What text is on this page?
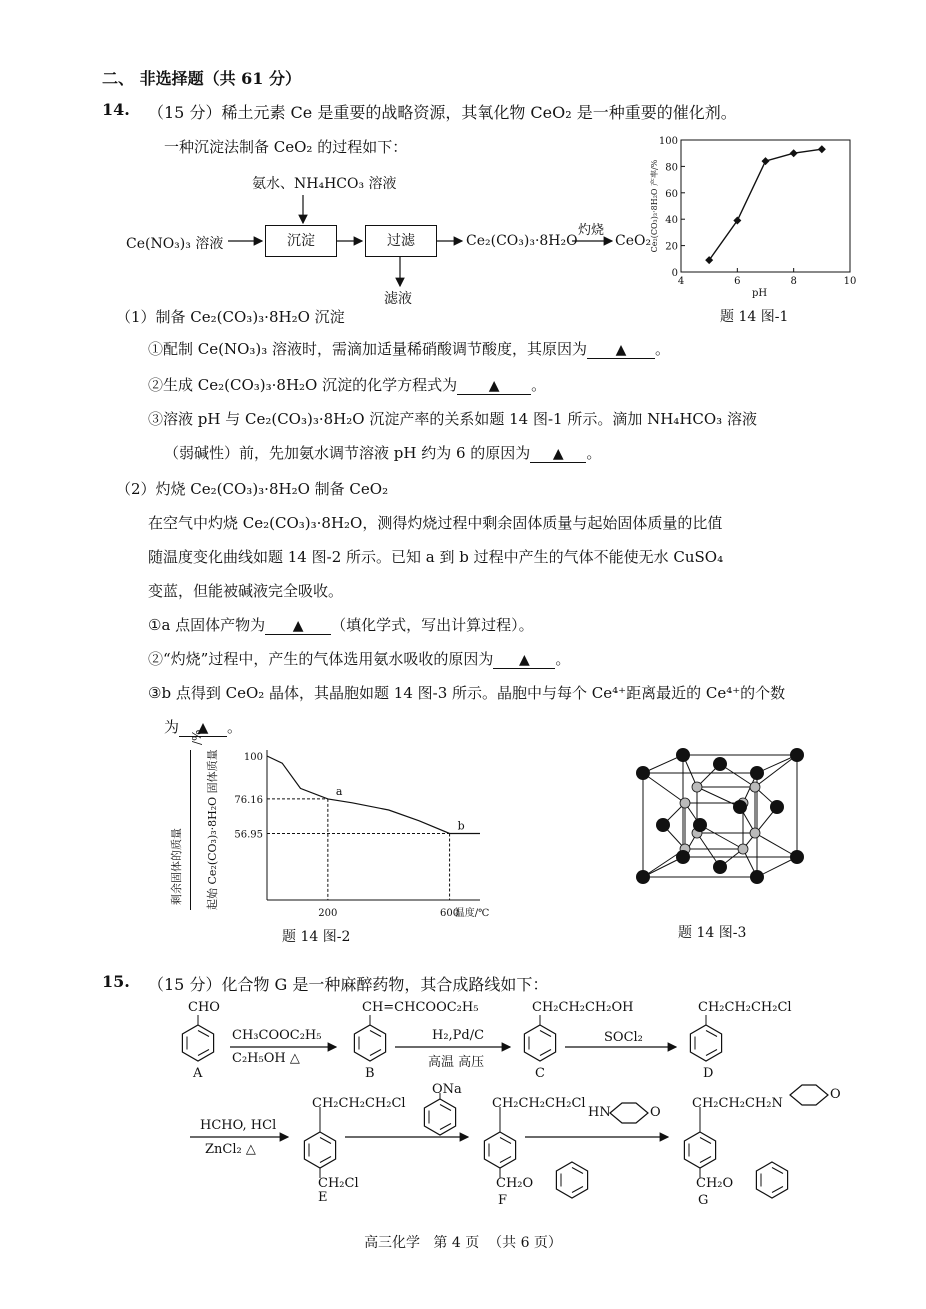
二、 非选择题（共 61 分）
14. （15 分）稀土元素 Ce 是重要的战略资源，其氧化物 CeO₂ 是一种重要的催化剂。
一种沉淀法制备 CeO₂ 的过程如下：
氨水、NH₄HCO₃ 溶液
Ce(NO₃)₃ 溶液	沉淀	过滤
滤液
Ce₂(CO₃)₃·8H₂O
灼烧
CeO₂
0
20
40
60
80
100
4	6	8	10
pH
Ce₂(CO₃)₃·8H₂O 产率/%
题 14 图-1
（1）制备 Ce₂(CO₃)₃·8H₂O 沉淀
①配制 Ce(NO₃)₃ 溶液时，需滴加适量稀硝酸调节酸度，其原因为 ▲ 。
②生成 Ce₂(CO₃)₃·8H₂O 沉淀的化学方程式为 ▲ 。
③溶液 pH 与 Ce₂(CO₃)₃·8H₂O 沉淀产率的关系如题 14 图-1 所示。滴加 NH₄HCO₃ 溶液
（弱碱性）前，先加氨水调节溶液 pH 约为 6 的原因为 ▲ 。
（2）灼烧 Ce₂(CO₃)₃·8H₂O 制备 CeO₂
在空气中灼烧 Ce₂(CO₃)₃·8H₂O，测得灼烧过程中剩余固体质量与起始固体质量的比值
随温度变化曲线如题 14 图-2 所示。已知 a 到 b 过程中产生的气体不能使无水 CuSO₄
变蓝，但能被碱液完全吸收。
①a 点固体产物为 ▲ （填化学式，写出计算过程）。
②“灼烧”过程中，产生的气体选用氨水吸收的原因为 ▲ 。
③b 点得到 CeO₂ 晶体，其晶胞如题 14 图-3 所示。晶胞中与每个 Ce⁴⁺距离最近的 Ce⁴⁺的个数
为 ▲ 。
剩余固体的质量 起始 Ce₂(CO₃)₃·8H₂O 固体质量
/%
100
76.16
56.95
200	600
温度/℃
a
b
题 14 图-2	题 14 图-3
15. （15 分）化合物 G 是一种麻醉药物，其合成路线如下：
CHO
A
CH₃COOC₂H₅
C₂H₅OH △
CH=CHCOOC₂H₅
B
H₂,Pd/C
高温 高压
CH₂CH₂CH₂OH
C
SOCl₂
CH₂CH₂CH₂Cl
D
HCHO, HCl
ZnCl₂ △
CH₂CH₂CH₂Cl
CH₂Cl
E
ONa
CH₂CH₂CH₂Cl
CH₂O
F
HN	O
CH₂CH₂CH₂N
O
CH₂O
G
高三化学   第 4 页  （共 6 页）
